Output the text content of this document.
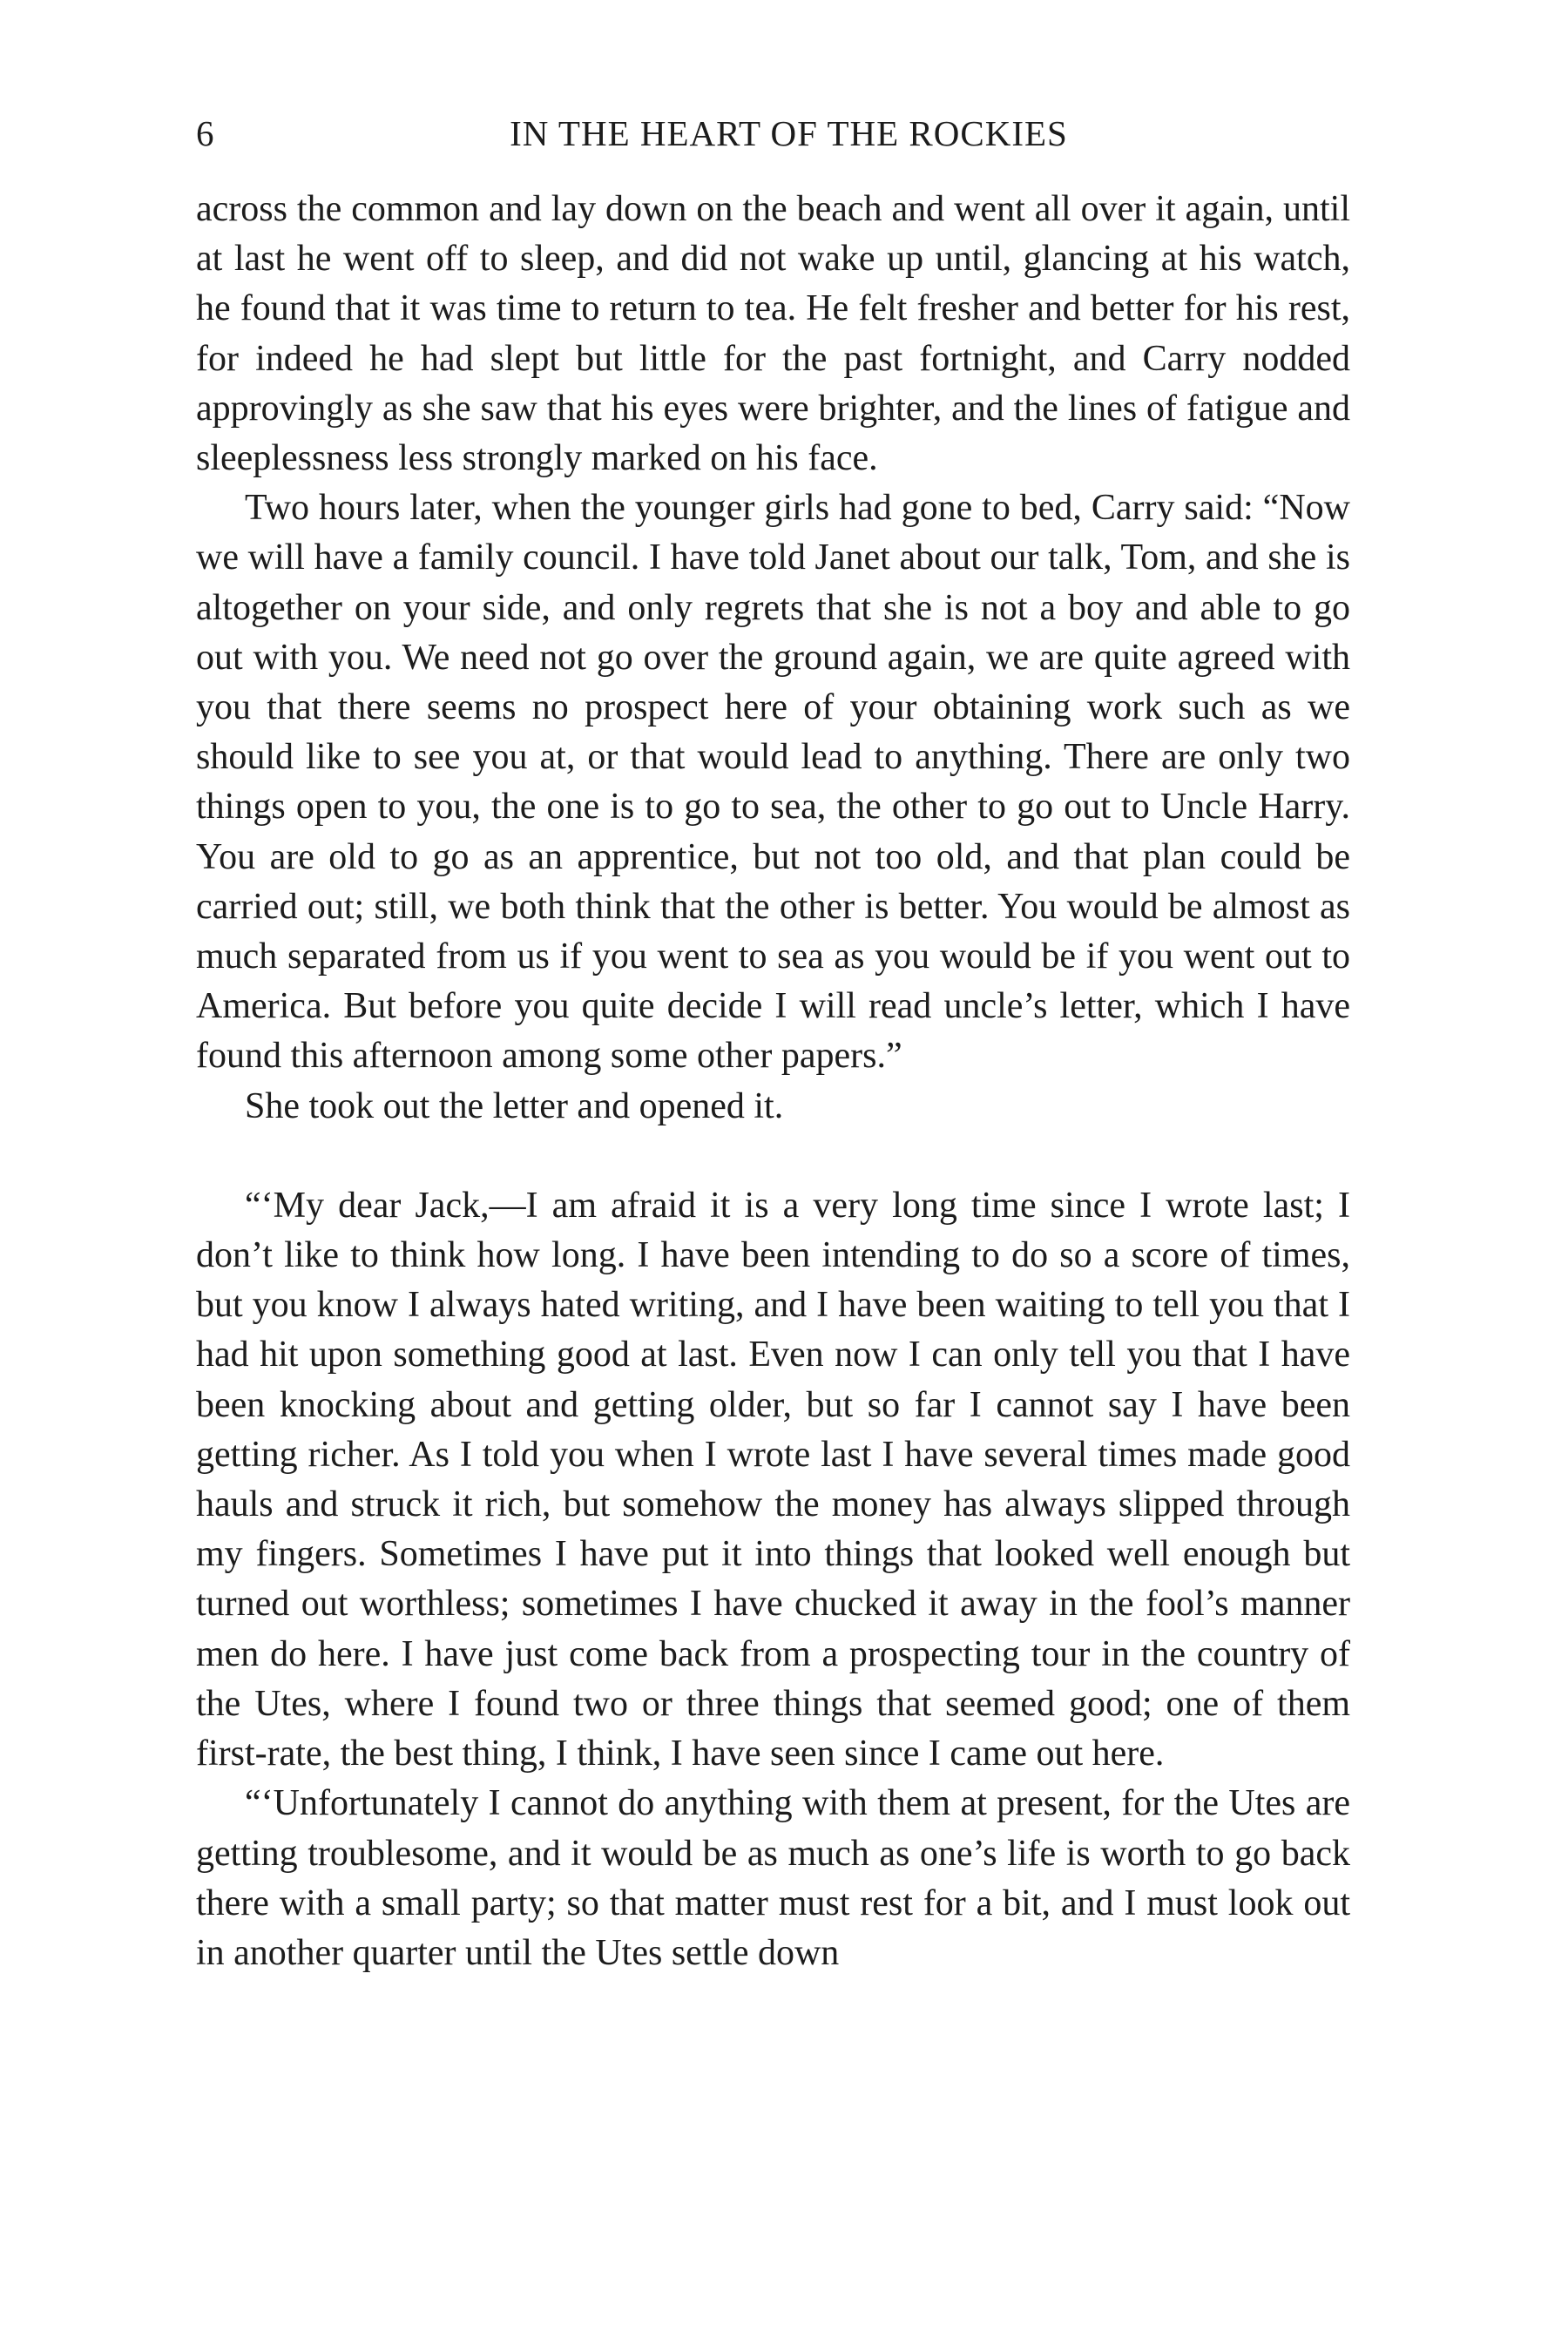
6	IN THE HEART OF THE ROCKIES

across the common and lay down on the beach and went all over it again, until at last he went off to sleep, and did not wake up until, glancing at his watch, he found that it was time to return to tea. He felt fresher and better for his rest, for indeed he had slept but little for the past fortnight, and Carry nodded approvingly as she saw that his eyes were brighter, and the lines of fatigue and sleeplessness less strongly marked on his face.

Two hours later, when the younger girls had gone to bed, Carry said: “Now we will have a family council. I have told Janet about our talk, Tom, and she is altogether on your side, and only regrets that she is not a boy and able to go out with you. We need not go over the ground again, we are quite agreed with you that there seems no prospect here of your obtaining work such as we should like to see you at, or that would lead to anything. There are only two things open to you, the one is to go to sea, the other to go out to Uncle Harry. You are old to go as an apprentice, but not too old, and that plan could be carried out; still, we both think that the other is better. You would be almost as much separated from us if you went to sea as you would be if you went out to America. But before you quite decide I will read uncle’s letter, which I have found this afternoon among some other papers.”

She took out the letter and opened it.

“‘My dear Jack,—I am afraid it is a very long time since I wrote last; I don’t like to think how long. I have been intending to do so a score of times, but you know I always hated writing, and I have been waiting to tell you that I had hit upon something good at last. Even now I can only tell you that I have been knocking about and getting older, but so far I cannot say I have been getting richer. As I told you when I wrote last I have several times made good hauls and struck it rich, but somehow the money has always slipped through my fingers. Sometimes I have put it into things that looked well enough but turned out worthless; sometimes I have chucked it away in the fool’s manner men do here. I have just come back from a prospecting tour in the country of the Utes, where I found two or three things that seemed good; one of them first-rate, the best thing, I think, I have seen since I came out here.

“‘Unfortunately I cannot do anything with them at present, for the Utes are getting troublesome, and it would be as much as one’s life is worth to go back there with a small party; so that matter must rest for a bit, and I must look out in another quarter until the Utes settle down
